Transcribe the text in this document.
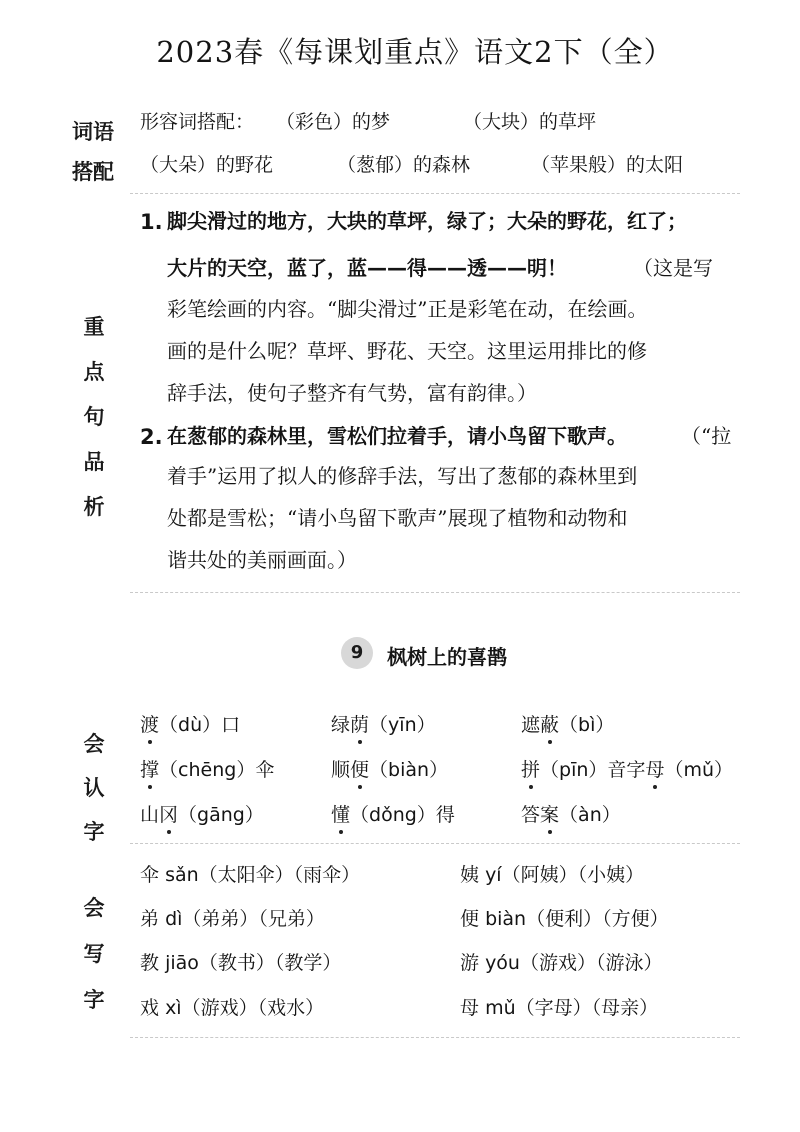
2023春《每课划重点》语文2下（全）
词语
搭配
形容词搭配： （彩色）的梦	（大块）的草坪
（大朵）的野花	（葱郁）的森林	（苹果般）的太阳
重
点
句
品
析
1. 脚尖滑过的地方，大块的草坪，绿了；大朵的野花，红了；
大片的天空，蓝了，蓝——得——透——明！	（这是写
彩笔绘画的内容。“脚尖滑过”正是彩笔在动，在绘画。
画的是什么呢？草坪、野花、天空。这里运用排比的修
辞手法，使句子整齐有气势，富有韵律。）
2. 在葱郁的森林里，雪松们拉着手，请小鸟留下歌声。	（“拉
着手”运用了拟人的修辞手法，写出了葱郁的森林里到
处都是雪松；“请小鸟留下歌声”展现了植物和动物和
谐共处的美丽画面。）
9	枫树上的喜鹊
会
认
字
渡（dù）口	绿荫（yīn）	遮蔽（bì）
撑（chēng）伞	顺便（biàn）	拼（pīn）音字母（mǔ）
山冈（gāng）	懂（dǒng）得	答案（àn）
会
写
字
伞 sǎn（太阳伞）（雨伞）	姨 yí（阿姨）（小姨）
弟 dì（弟弟）（兄弟）	便 biàn（便利）（方便）
教 jiāo（教书）（教学）	游 yóu（游戏）（游泳）
戏 xì（游戏）（戏水）	母 mǔ（字母）（母亲）
